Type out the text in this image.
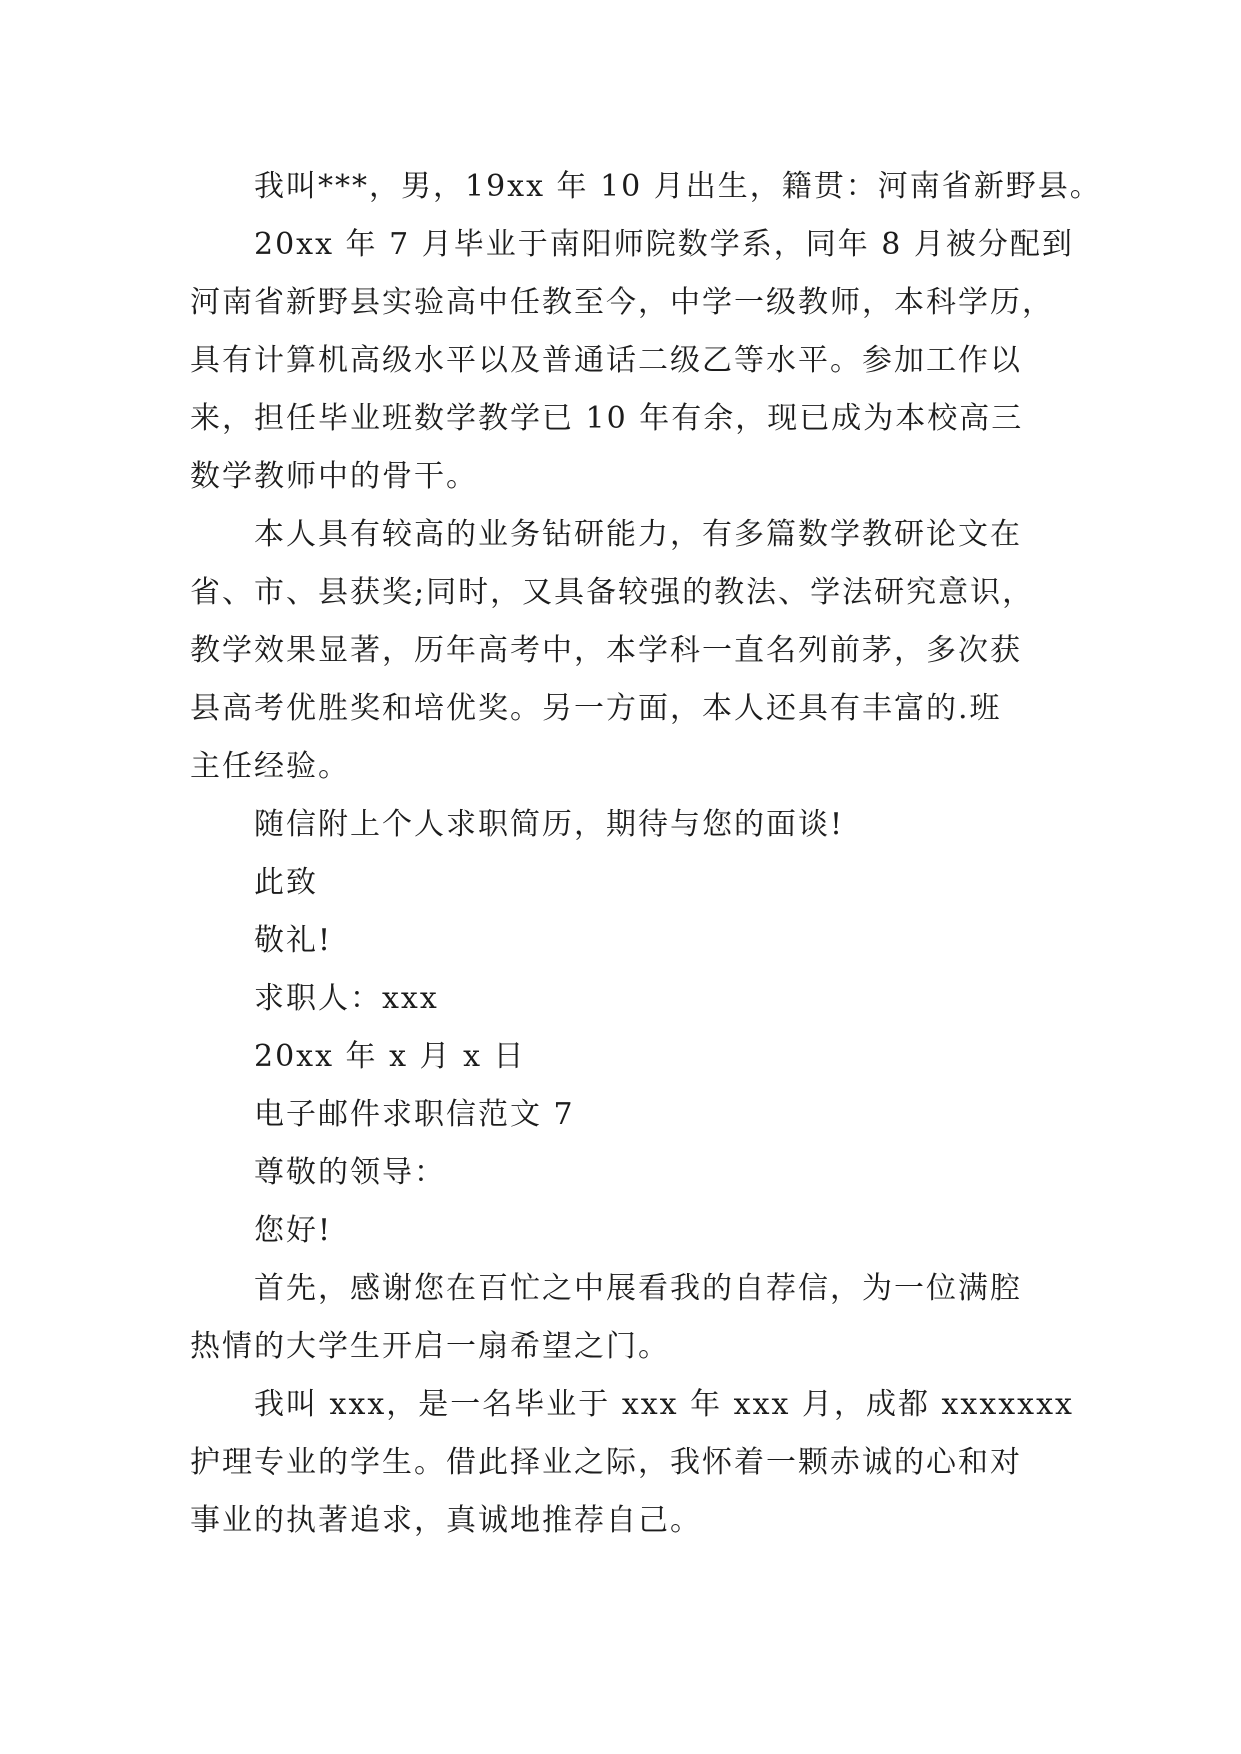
我叫***，男，19xx 年 10 月出生，籍贯：河南省新野县。
20xx 年 7 月毕业于南阳师院数学系，同年 8 月被分配到
河南省新野县实验高中任教至今，中学一级教师，本科学历，
具有计算机高级水平以及普通话二级乙等水平。参加工作以
来，担任毕业班数学教学已 10 年有余，现已成为本校高三
数学教师中的骨干。
本人具有较高的业务钻研能力，有多篇数学教研论文在
省、市、县获奖;同时，又具备较强的教法、学法研究意识，
教学效果显著，历年高考中，本学科一直名列前茅，多次获
县高考优胜奖和培优奖。另一方面，本人还具有丰富的.班
主任经验。
随信附上个人求职简历，期待与您的面谈!
此致
敬礼!
求职人：xxx
20xx 年 x 月 x 日
电子邮件求职信范文 7
尊敬的领导：
您好!
首先，感谢您在百忙之中展看我的自荐信，为一位满腔
热情的大学生开启一扇希望之门。
我叫 xxx，是一名毕业于 xxx 年 xxx 月，成都 xxxxxxx
护理专业的学生。借此择业之际，我怀着一颗赤诚的心和对
事业的执著追求，真诚地推荐自己。
